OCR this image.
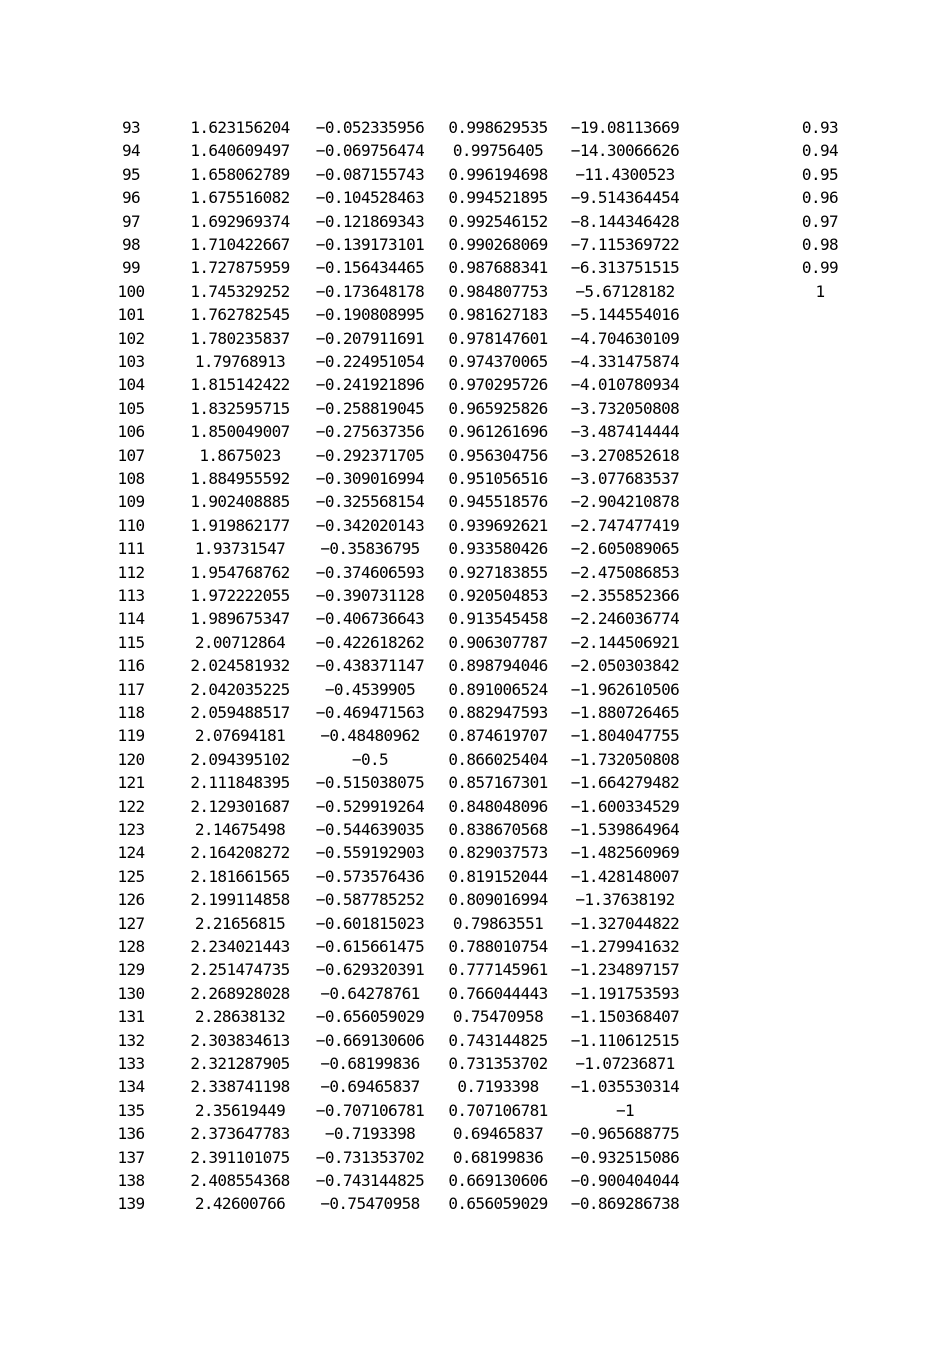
93	1.623156204	−0.052335956	0.998629535	−19.08113669	0.93
94	1.640609497	−0.069756474	0.99756405	−14.30066626	0.94
95	1.658062789	−0.087155743	0.996194698	−11.4300523	0.95
96	1.675516082	−0.104528463	0.994521895	−9.514364454	0.96
97	1.692969374	−0.121869343	0.992546152	−8.144346428	0.97
98	1.710422667	−0.139173101	0.990268069	−7.115369722	0.98
99	1.727875959	−0.156434465	0.987688341	−6.313751515	0.99
100	1.745329252	−0.173648178	0.984807753	−5.67128182	1
101	1.762782545	−0.190808995	0.981627183	−5.144554016
102	1.780235837	−0.207911691	0.978147601	−4.704630109
103	1.79768913	−0.224951054	0.974370065	−4.331475874
104	1.815142422	−0.241921896	0.970295726	−4.010780934
105	1.832595715	−0.258819045	0.965925826	−3.732050808
106	1.850049007	−0.275637356	0.961261696	−3.487414444
107	1.8675023	−0.292371705	0.956304756	−3.270852618
108	1.884955592	−0.309016994	0.951056516	−3.077683537
109	1.902408885	−0.325568154	0.945518576	−2.904210878
110	1.919862177	−0.342020143	0.939692621	−2.747477419
111	1.93731547	−0.35836795	0.933580426	−2.605089065
112	1.954768762	−0.374606593	0.927183855	−2.475086853
113	1.972222055	−0.390731128	0.920504853	−2.355852366
114	1.989675347	−0.406736643	0.913545458	−2.246036774
115	2.00712864	−0.422618262	0.906307787	−2.144506921
116	2.024581932	−0.438371147	0.898794046	−2.050303842
117	2.042035225	−0.4539905	0.891006524	−1.962610506
118	2.059488517	−0.469471563	0.882947593	−1.880726465
119	2.07694181	−0.48480962	0.874619707	−1.804047755
120	2.094395102	−0.5	0.866025404	−1.732050808
121	2.111848395	−0.515038075	0.857167301	−1.664279482
122	2.129301687	−0.529919264	0.848048096	−1.600334529
123	2.14675498	−0.544639035	0.838670568	−1.539864964
124	2.164208272	−0.559192903	0.829037573	−1.482560969
125	2.181661565	−0.573576436	0.819152044	−1.428148007
126	2.199114858	−0.587785252	0.809016994	−1.37638192
127	2.21656815	−0.601815023	0.79863551	−1.327044822
128	2.234021443	−0.615661475	0.788010754	−1.279941632
129	2.251474735	−0.629320391	0.777145961	−1.234897157
130	2.268928028	−0.64278761	0.766044443	−1.191753593
131	2.28638132	−0.656059029	0.75470958	−1.150368407
132	2.303834613	−0.669130606	0.743144825	−1.110612515
133	2.321287905	−0.68199836	0.731353702	−1.07236871
134	2.338741198	−0.69465837	0.7193398	−1.035530314
135	2.35619449	−0.707106781	0.707106781	−1
136	2.373647783	−0.7193398	0.69465837	−0.965688775
137	2.391101075	−0.731353702	0.68199836	−0.932515086
138	2.408554368	−0.743144825	0.669130606	−0.900404044
139	2.42600766	−0.75470958	0.656059029	−0.869286738
